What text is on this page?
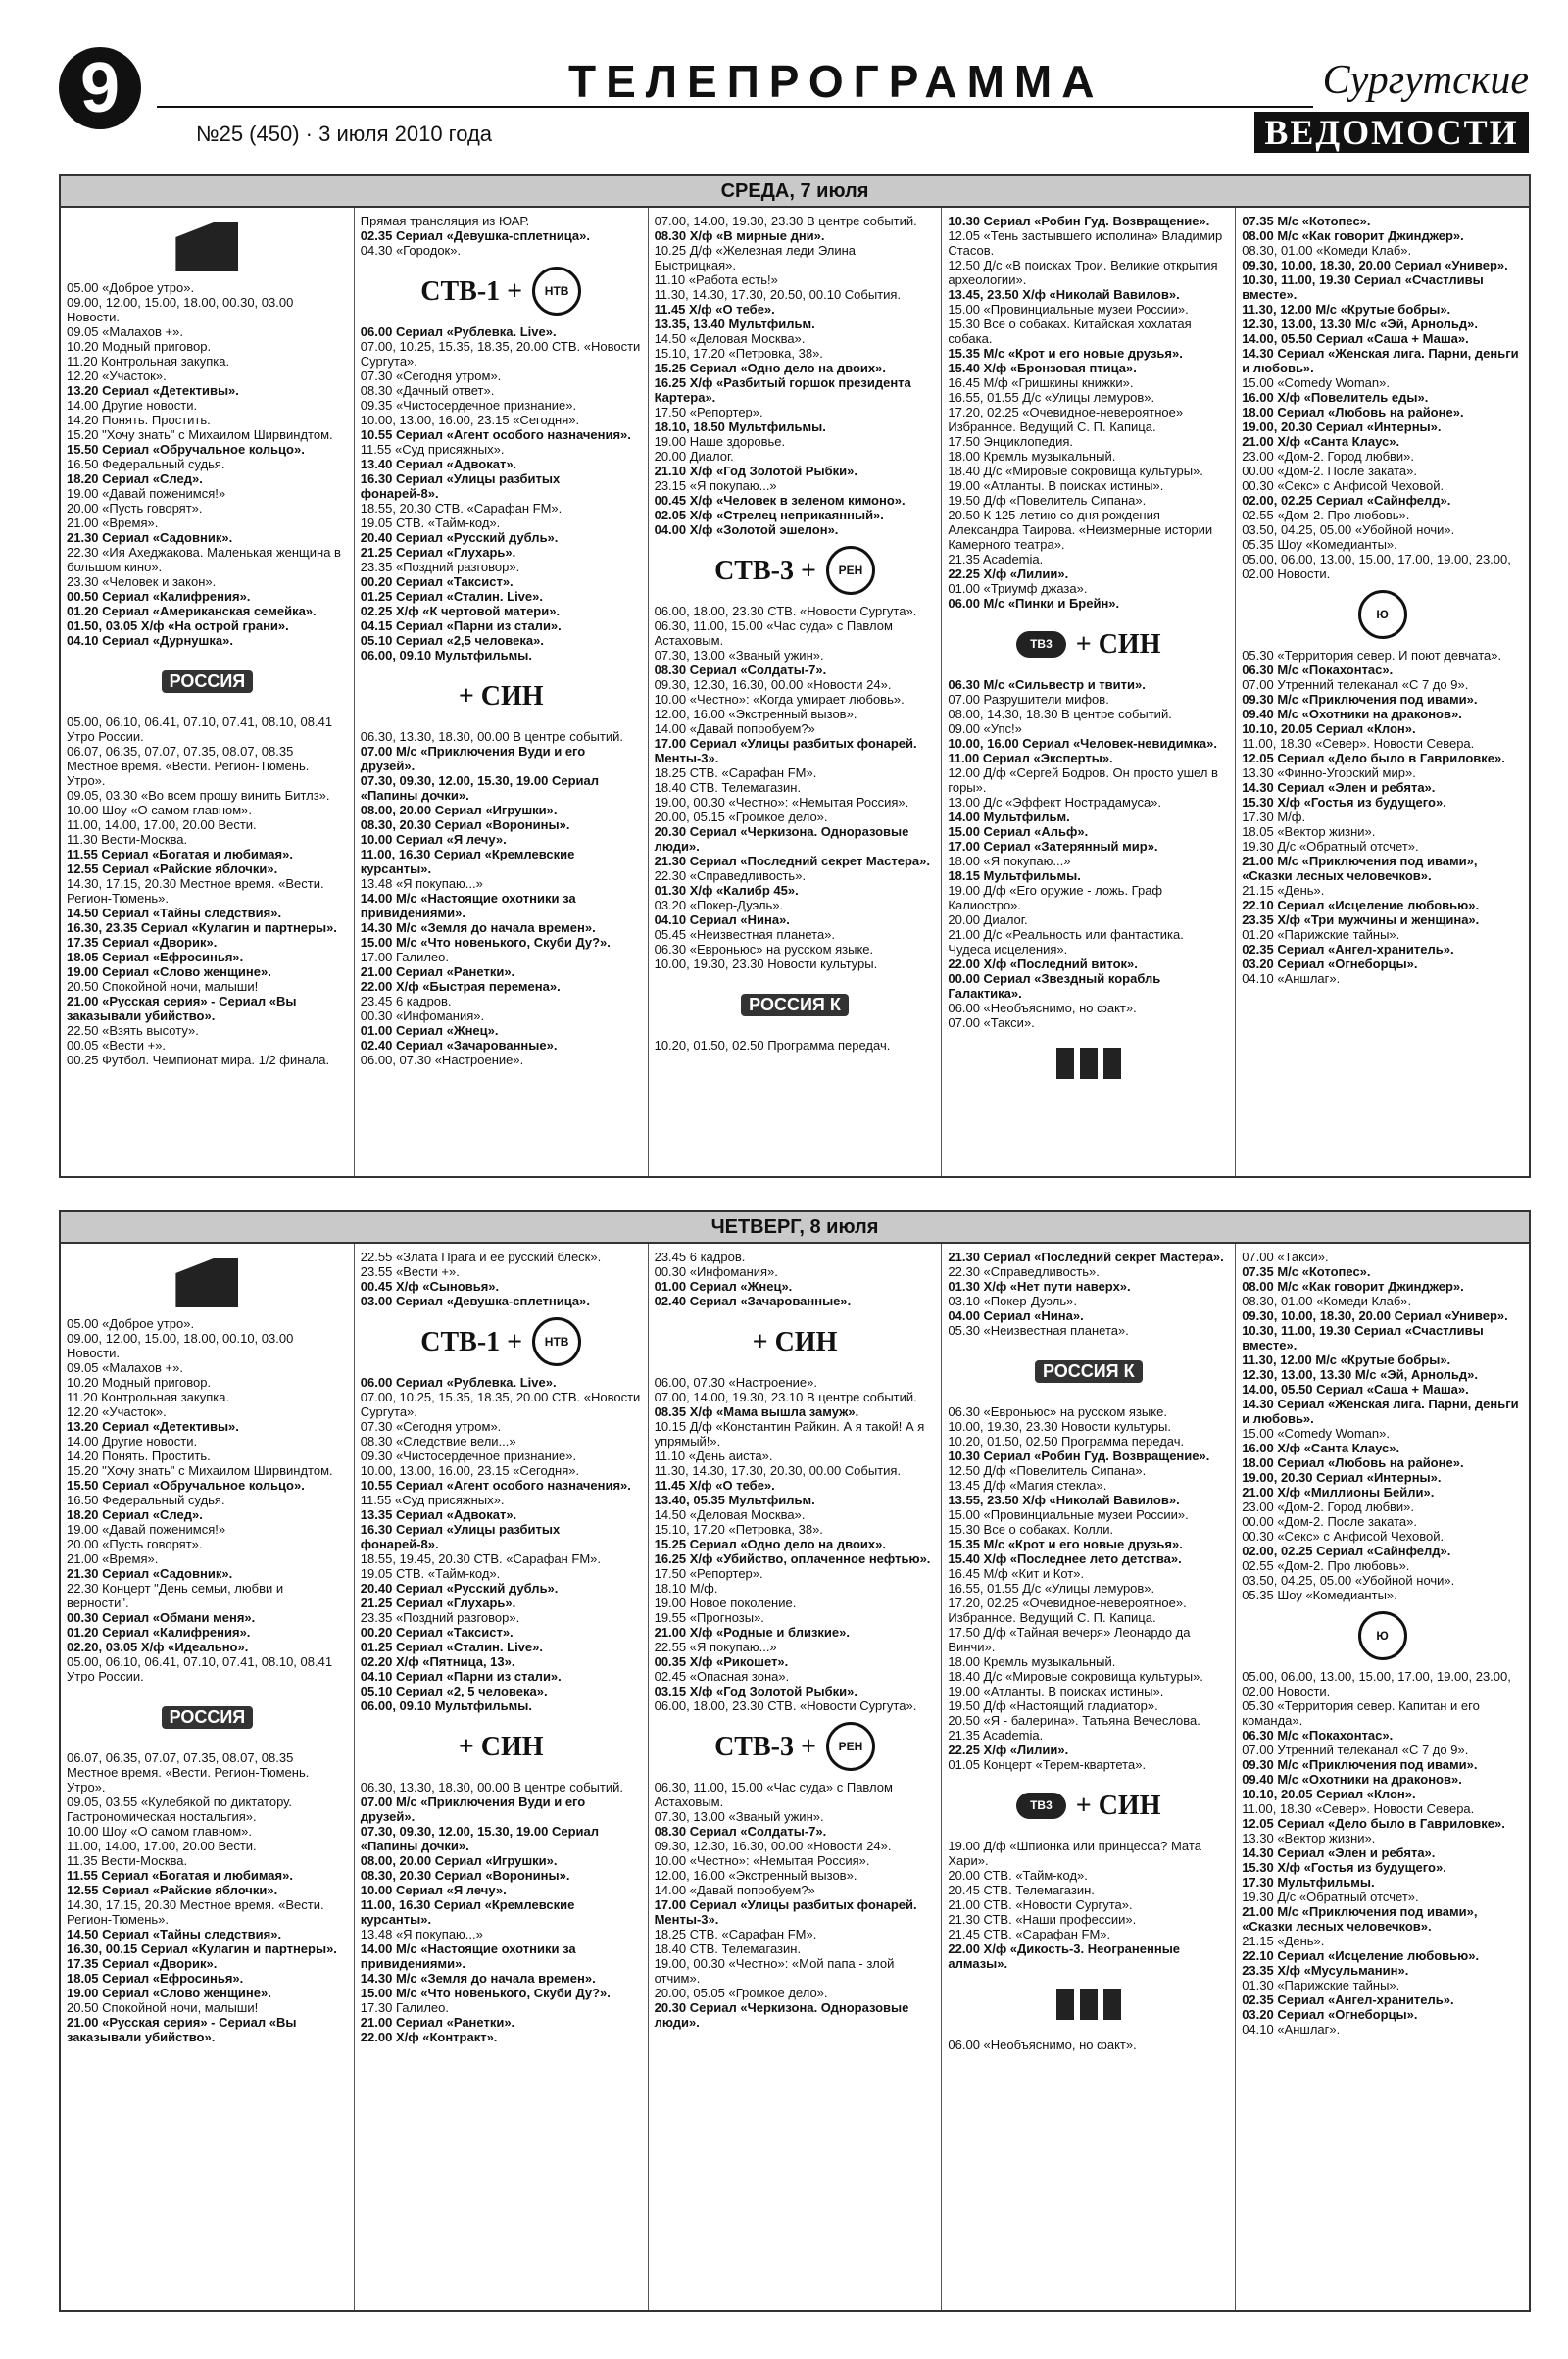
9	ТЕЛЕПРОГРАММА
№25 (450) · 3 июля 2010 года
Сургутские
ВЕДОМОСТИ
СРЕДА, 7 июля
05.00 «Доброе утро».
09.00, 12.00, 15.00, 18.00, 00.30, 03.00 Новости.
09.05 «Малахов +».
10.20 Модный приговор.
11.20 Контрольная закупка.
12.20 «Участок».
13.20 Сериал «Детективы».
14.00 Другие новости.
14.20 Понять. Простить.
15.20 "Хочу знать" с Михаилом Ширвиндтом.
15.50 Сериал «Обручальное кольцо».
16.50 Федеральный судья.
18.20 Сериал «След».
19.00 «Давай поженимся!»
20.00 «Пусть говорят».
21.00 «Время».
21.30 Сериал «Садовник».
22.30 «Ия Ахеджакова. Маленькая женщина в большом кино».
23.30 «Человек и закон».
00.50 Сериал «Калифрения».
01.20 Сериал «Американская семейка».
01.50, 03.05 Х/ф «На острой грани».
04.10 Сериал «Дурнушка».
РОССИЯ
05.00, 06.10, 06.41, 07.10, 07.41, 08.10, 08.41 Утро России.
06.07, 06.35, 07.07, 07.35, 08.07, 08.35 Местное время. «Вести. Регион-Тюмень. Утро».
09.05, 03.30 «Во всем прошу винить Битлз».
10.00 Шоу «О самом главном».
11.00, 14.00, 17.00, 20.00 Вести.
11.30 Вести-Москва.
11.55 Сериал «Богатая и любимая».
12.55 Сериал «Райские яблочки».
14.30, 17.15, 20.30 Местное время. «Вести. Регион-Тюмень».
14.50 Сериал «Тайны следствия».
16.30, 23.35 Сериал «Кулагин и партнеры».
17.35 Сериал «Дворик».
18.05 Сериал «Ефросинья».
19.00 Сериал «Слово женщине».
20.50 Спокойной ночи, малыши!
21.00 «Русская серия» - Сериал «Вы заказывали убийство».
22.50 «Взять высоту».
00.05 «Вести +».
00.25 Футбол. Чемпионат мира. 1/2 финала.
Прямая трансляция из ЮАР.
02.35 Сериал «Девушка-сплетница».
04.30 «Городок».
СТВ-1 +	НТВ
06.00 Сериал «Рублевка. Live».
07.00, 10.25, 15.35, 18.35, 20.00 СТВ. «Новости Сургута».
07.30 «Сегодня утром».
08.30 «Дачный ответ».
09.35 «Чистосердечное признание».
10.00, 13.00, 16.00, 23.15 «Сегодня».
10.55 Сериал «Агент особого назначения».
11.55 «Суд присяжных».
13.40 Сериал «Адвокат».
16.30 Сериал «Улицы разбитых фонарей-8».
18.55, 20.30 СТВ. «Сарафан FM».
19.05 СТВ. «Тайм-код».
20.40 Сериал «Русский дубль».
21.25 Сериал «Глухарь».
23.35 «Поздний разговор».
00.20 Сериал «Таксист».
01.25 Сериал «Сталин. Live».
02.25 Х/ф «К чертовой матери».
04.15 Сериал «Парни из стали».
05.10 Сериал «2,5 человека».
06.00, 09.10 Мультфильмы.
+ СИН
06.30, 13.30, 18.30, 00.00 В центре событий.
07.00 М/с «Приключения Вуди и его друзей».
07.30, 09.30, 12.00, 15.30, 19.00 Сериал «Папины дочки».
08.00, 20.00 Сериал «Игрушки».
08.30, 20.30 Сериал «Воронины».
10.00 Сериал «Я лечу».
11.00, 16.30 Сериал «Кремлевские курсанты».
13.48 «Я покупаю...»
14.00 М/с «Настоящие охотники за привидениями».
14.30 М/с «Земля до начала времен».
15.00 М/с «Что новенького, Скуби Ду?».
17.00 Галилео.
21.00 Сериал «Ранетки».
22.00 Х/ф «Быстрая перемена».
23.45 6 кадров.
00.30 «Инфомания».
01.00 Сериал «Жнец».
02.40 Сериал «Зачарованные».
06.00, 07.30 «Настроение».
07.00, 14.00, 19.30, 23.30 В центре событий.
08.30 Х/ф «В мирные дни».
10.25 Д/ф «Железная леди Элина Быстрицкая».
11.10 «Работа есть!»
11.30, 14.30, 17.30, 20.50, 00.10 События.
11.45 Х/ф «О тебе».
13.35, 13.40 Мультфильм.
14.50 «Деловая Москва».
15.10, 17.20 «Петровка, 38».
15.25 Сериал «Одно дело на двоих».
16.25 Х/ф «Разбитый горшок президента Картера».
17.50 «Репортер».
18.10, 18.50 Мультфильмы.
19.00 Наше здоровье.
20.00 Диалог.
21.10 Х/ф «Год Золотой Рыбки».
23.15 «Я покупаю...»
00.45 Х/ф «Человек в зеленом кимоно».
02.05 Х/ф «Стрелец неприкаянный».
04.00 Х/ф «Золотой эшелон».
СТВ-3 +	РЕН
06.00, 18.00, 23.30 СТВ. «Новости Сургута».
06.30, 11.00, 15.00 «Час суда» с Павлом Астаховым.
07.30, 13.00 «Званый ужин».
08.30 Сериал «Солдаты-7».
09.30, 12.30, 16.30, 00.00 «Новости 24».
10.00 «Честно»: «Когда умирает любовь».
12.00, 16.00 «Экстренный вызов».
14.00 «Давай попробуем?»
17.00 Сериал «Улицы разбитых фонарей. Менты-3».
18.25 СТВ. «Сарафан FM».
18.40 СТВ. Телемагазин.
19.00, 00.30 «Честно»: «Немытая Россия».
20.00, 05.15 «Громкое дело».
20.30 Сериал «Черкизона. Одноразовые люди».
21.30 Сериал «Последний секрет Мастера».
22.30 «Справедливость».
01.30 Х/ф «Калибр 45».
03.20 «Покер-Дуэль».
04.10 Сериал «Нина».
05.45 «Неизвестная планета».
06.30 «Евроньюс» на русском языке.
10.00, 19.30, 23.30 Новости культуры.
РОССИЯ К
10.20, 01.50, 02.50 Программа передач.
10.30 Сериал «Робин Гуд. Возвращение».
12.05 «Тень застывшего исполина» Владимир Стасов.
12.50 Д/с «В поисках Трои. Великие открытия археологии».
13.45, 23.50 Х/ф «Николай Вавилов».
15.00 «Провинциальные музеи России».
15.30 Все о собаках. Китайская хохлатая собака.
15.35 М/с «Крот и его новые друзья».
15.40 Х/ф «Бронзовая птица».
16.45 М/ф «Гришкины книжки».
16.55, 01.55 Д/с «Улицы лемуров».
17.20, 02.25 «Очевидное-невероятное» Избранное. Ведущий С. П. Капица.
17.50 Энциклопедия.
18.00 Кремль музыкальный.
18.40 Д/с «Мировые сокровища культуры».
19.00 «Атланты. В поисках истины».
19.50 Д/ф «Повелитель Сипана».
20.50 К 125-летию со дня рождения Александра Таирова. «Неизмерные истории Камерного театра».
21.35 Academia.
22.25 Х/ф «Лилии».
01.00 «Триумф джаза».
06.00 М/с «Пинки и Брейн».
ТВ3 + СИН
06.30 М/с «Сильвестр и твити».
07.00 Разрушители мифов.
08.00, 14.30, 18.30 В центре событий.
09.00 «Упс!»
10.00, 16.00 Сериал «Человек-невидимка».
11.00 Сериал «Эксперты».
12.00 Д/ф «Сергей Бодров. Он просто ушел в горы».
13.00 Д/с «Эффект Нострадамуса».
14.00 Мультфильм.
15.00 Сериал «Альф».
17.00 Сериал «Затерянный мир».
18.00 «Я покупаю...»
18.15 Мультфильмы.
19.00 Д/ф «Его оружие - ложь. Граф Калиостро».
20.00 Диалог.
21.00 Д/с «Реальность или фантастика. Чудеса исцеления».
22.00 Х/ф «Последний виток».
00.00 Сериал «Звездный корабль Галактика».
06.00 «Необъяснимо, но факт».
07.00 «Такси».
07.35 М/с «Котопес».
08.00 М/с «Как говорит Джинджер».
08.30, 01.00 «Комеди Клаб».
09.30, 10.00, 18.30, 20.00 Сериал «Универ».
10.30, 11.00, 19.30 Сериал «Счастливы вместе».
11.30, 12.00 М/с «Крутые бобры».
12.30, 13.00, 13.30 М/с «Эй, Арнольд».
14.00, 05.50 Сериал «Саша + Маша».
14.30 Сериал «Женская лига. Парни, деньги и любовь».
15.00 «Comedy Woman».
16.00 Х/ф «Повелитель еды».
18.00 Сериал «Любовь на районе».
19.00, 20.30 Сериал «Интерны».
21.00 Х/ф «Санта Клаус».
23.00 «Дом-2. Город любви».
00.00 «Дом-2. После заката».
00.30 «Секс» с Анфисой Чеховой.
02.00, 02.25 Сериал «Сайнфелд».
02.55 «Дом-2. Про любовь».
03.50, 04.25, 05.00 «Убойной ночи».
05.35 Шоу «Комедианты».
05.00, 06.00, 13.00, 15.00, 17.00, 19.00, 23.00, 02.00 Новости.
Ю
05.30 «Территория север. И поют девчата».
06.30 М/с «Покахонтас».
07.00 Утренний телеканал «С 7 до 9».
09.30 М/с «Приключения под ивами».
09.40 М/с «Охотники на драконов».
10.10, 20.05 Сериал «Клон».
11.00, 18.30 «Север». Новости Севера.
12.05 Сериал «Дело было в Гавриловке».
13.30 «Финно-Угорский мир».
14.30 Сериал «Элен и ребята».
15.30 Х/ф «Гостья из будущего».
17.30 М/ф.
18.05 «Вектор жизни».
19.30 Д/с «Обратный отсчет».
21.00 М/с «Приключения под ивами», «Сказки лесных человечков».
21.15 «День».
22.10 Сериал «Исцеление любовью».
23.35 Х/ф «Три мужчины и женщина».
01.20 «Парижские тайны».
02.35 Сериал «Ангел-хранитель».
03.20 Сериал «Огнеборцы».
04.10 «Аншлаг».
ЧЕТВЕРГ, 8 июля
05.00 «Доброе утро».
09.00, 12.00, 15.00, 18.00, 00.10, 03.00 Новости.
09.05 «Малахов +».
10.20 Модный приговор.
11.20 Контрольная закупка.
12.20 «Участок».
13.20 Сериал «Детективы».
14.00 Другие новости.
14.20 Понять. Простить.
15.20 "Хочу знать" с Михаилом Ширвиндтом.
15.50 Сериал «Обручальное кольцо».
16.50 Федеральный судья.
18.20 Сериал «След».
19.00 «Давай поженимся!»
20.00 «Пусть говорят».
21.00 «Время».
21.30 Сериал «Садовник».
22.30 Концерт "День семьи, любви и верности".
00.30 Сериал «Обмани меня».
01.20 Сериал «Калифрения».
02.20, 03.05 Х/ф «Идеально».
05.00, 06.10, 06.41, 07.10, 07.41, 08.10, 08.41 Утро России.
РОССИЯ
06.07, 06.35, 07.07, 07.35, 08.07, 08.35 Местное время. «Вести. Регион-Тюмень. Утро».
09.05, 03.55 «Кулебякой по диктатору. Гастрономическая ностальгия».
10.00 Шоу «О самом главном».
11.00, 14.00, 17.00, 20.00 Вести.
11.35 Вести-Москва.
11.55 Сериал «Богатая и любимая».
12.55 Сериал «Райские яблочки».
14.30, 17.15, 20.30 Местное время. «Вести. Регион-Тюмень».
14.50 Сериал «Тайны следствия».
16.30, 00.15 Сериал «Кулагин и партнеры».
17.35 Сериал «Дворик».
18.05 Сериал «Ефросинья».
19.00 Сериал «Слово женщине».
20.50 Спокойной ночи, малыши!
21.00 «Русская серия» - Сериал «Вы заказывали убийство».
22.55 «Злата Прага и ее русский блеск».
23.55 «Вести +».
00.45 Х/ф «Сыновья».
03.00 Сериал «Девушка-сплетница».
СТВ-1 +	НТВ
06.00 Сериал «Рублевка. Live».
07.00, 10.25, 15.35, 18.35, 20.00 СТВ. «Новости Сургута».
07.30 «Сегодня утром».
08.30 «Следствие вели...»
09.30 «Чистосердечное признание».
10.00, 13.00, 16.00, 23.15 «Сегодня».
10.55 Сериал «Агент особого назначения».
11.55 «Суд присяжных».
13.35 Сериал «Адвокат».
16.30 Сериал «Улицы разбитых фонарей-8».
18.55, 19.45, 20.30 СТВ. «Сарафан FM».
19.05 СТВ. «Тайм-код».
20.40 Сериал «Русский дубль».
21.25 Сериал «Глухарь».
23.35 «Поздний разговор».
00.20 Сериал «Таксист».
01.25 Сериал «Сталин. Live».
02.20 Х/ф «Пятница, 13».
04.10 Сериал «Парни из стали».
05.10 Сериал «2, 5 человека».
06.00, 09.10 Мультфильмы.
+ СИН
06.30, 13.30, 18.30, 00.00 В центре событий.
07.00 М/с «Приключения Вуди и его друзей».
07.30, 09.30, 12.00, 15.30, 19.00 Сериал «Папины дочки».
08.00, 20.00 Сериал «Игрушки».
08.30, 20.30 Сериал «Воронины».
10.00 Сериал «Я лечу».
11.00, 16.30 Сериал «Кремлевские курсанты».
13.48 «Я покупаю...»
14.00 М/с «Настоящие охотники за привидениями».
14.30 М/с «Земля до начала времен».
15.00 М/с «Что новенького, Скуби Ду?».
17.30 Галилео.
21.00 Сериал «Ранетки».
22.00 Х/ф «Контракт».
23.45 6 кадров.
00.30 «Инфомания».
01.00 Сериал «Жнец».
02.40 Сериал «Зачарованные».
+ СИН
06.00, 07.30 «Настроение».
07.00, 14.00, 19.30, 23.10 В центре событий.
08.35 Х/ф «Мама вышла замуж».
10.15 Д/ф «Константин Райкин. А я такой! А я упрямый!».
11.10 «День аиста».
11.30, 14.30, 17.30, 20.30, 00.00 События.
11.45 Х/ф «О тебе».
13.40, 05.35 Мультфильм.
14.50 «Деловая Москва».
15.10, 17.20 «Петровка, 38».
15.25 Сериал «Одно дело на двоих».
16.25 Х/ф «Убийство, оплаченное нефтью».
17.50 «Репортер».
18.10 М/ф.
19.00 Новое поколение.
19.55 «Прогнозы».
21.00 Х/ф «Родные и близкие».
22.55 «Я покупаю...»
00.35 Х/ф «Рикошет».
02.45 «Опасная зона».
03.15 Х/ф «Год Золотой Рыбки».
06.00, 18.00, 23.30 СТВ. «Новости Сургута».
СТВ-3 +	РЕН
06.30, 11.00, 15.00 «Час суда» с Павлом Астаховым.
07.30, 13.00 «Званый ужин».
08.30 Сериал «Солдаты-7».
09.30, 12.30, 16.30, 00.00 «Новости 24».
10.00 «Честно»: «Немытая Россия».
12.00, 16.00 «Экстренный вызов».
14.00 «Давай попробуем?»
17.00 Сериал «Улицы разбитых фонарей. Менты-3».
18.25 СТВ. «Сарафан FM».
18.40 СТВ. Телемагазин.
19.00, 00.30 «Честно»: «Мой папа - злой отчим».
20.00, 05.05 «Громкое дело».
20.30 Сериал «Черкизона. Одноразовые люди».
21.30 Сериал «Последний секрет Мастера».
22.30 «Справедливость».
01.30 Х/ф «Нет пути наверх».
03.10 «Покер-Дуэль».
04.00 Сериал «Нина».
05.30 «Неизвестная планета».
РОССИЯ К
06.30 «Евроньюс» на русском языке.
10.00, 19.30, 23.30 Новости культуры.
10.20, 01.50, 02.50 Программа передач.
10.30 Сериал «Робин Гуд. Возвращение».
12.50 Д/ф «Повелитель Сипана».
13.45 Д/ф «Магия стекла».
13.55, 23.50 Х/ф «Николай Вавилов».
15.00 «Провинциальные музеи России».
15.30 Все о собаках. Колли.
15.35 М/с «Крот и его новые друзья».
15.40 Х/ф «Последнее лето детства».
16.45 М/ф «Кит и Кот».
16.55, 01.55 Д/с «Улицы лемуров».
17.20, 02.25 «Очевидное-невероятное». Избранное. Ведущий С. П. Капица.
17.50 Д/ф «Тайная вечеря» Леонардо да Винчи».
18.00 Кремль музыкальный.
18.40 Д/с «Мировые сокровища культуры».
19.00 «Атланты. В поисках истины».
19.50 Д/ф «Настоящий гладиатор».
20.50 «Я - балерина». Татьяна Вечеслова.
21.35 Academia.
22.25 Х/ф «Лилии».
01.05 Концерт «Терем-квартета».
ТВ3 + СИН
19.00 Д/ф «Шпионка или принцесса? Мата Хари».
20.00 СТВ. «Тайм-код».
20.45 СТВ. Телемагазин.
21.00 СТВ. «Новости Сургута».
21.30 СТВ. «Наши профессии».
21.45 СТВ. «Сарафан FM».
22.00 Х/ф «Дикость-3. Неограненные алмазы».
06.00 «Необъяснимо, но факт».
07.00 «Такси».
07.35 М/с «Котопес».
08.00 М/с «Как говорит Джинджер».
08.30, 01.00 «Комеди Клаб».
09.30, 10.00, 18.30, 20.00 Сериал «Универ».
10.30, 11.00, 19.30 Сериал «Счастливы вместе».
11.30, 12.00 М/с «Крутые бобры».
12.30, 13.00, 13.30 М/с «Эй, Арнольд».
14.00, 05.50 Сериал «Саша + Маша».
14.30 Сериал «Женская лига. Парни, деньги и любовь».
15.00 «Comedy Woman».
16.00 Х/ф «Санта Клаус».
18.00 Сериал «Любовь на районе».
19.00, 20.30 Сериал «Интерны».
21.00 Х/ф «Миллионы Бейли».
23.00 «Дом-2. Город любви».
00.00 «Дом-2. После заката».
00.30 «Секс» с Анфисой Чеховой.
02.00, 02.25 Сериал «Сайнфелд».
02.55 «Дом-2. Про любовь».
03.50, 04.25, 05.00 «Убойной ночи».
05.35 Шоу «Комедианты».
Ю
05.00, 06.00, 13.00, 15.00, 17.00, 19.00, 23.00, 02.00 Новости.
05.30 «Территория север. Капитан и его команда».
06.30 М/с «Покахонтас».
07.00 Утренний телеканал «С 7 до 9».
09.30 М/с «Приключения под ивами».
09.40 М/с «Охотники на драконов».
10.10, 20.05 Сериал «Клон».
11.00, 18.30 «Север». Новости Севера.
12.05 Сериал «Дело было в Гавриловке».
13.30 «Вектор жизни».
14.30 Сериал «Элен и ребята».
15.30 Х/ф «Гостья из будущего».
17.30 Мультфильмы.
19.30 Д/с «Обратный отсчет».
21.00 М/с «Приключения под ивами», «Сказки лесных человечков».
21.15 «День».
22.10 Сериал «Исцеление любовью».
23.35 Х/ф «Мусульманин».
01.30 «Парижские тайны».
02.35 Сериал «Ангел-хранитель».
03.20 Сериал «Огнеборцы».
04.10 «Аншлаг».
